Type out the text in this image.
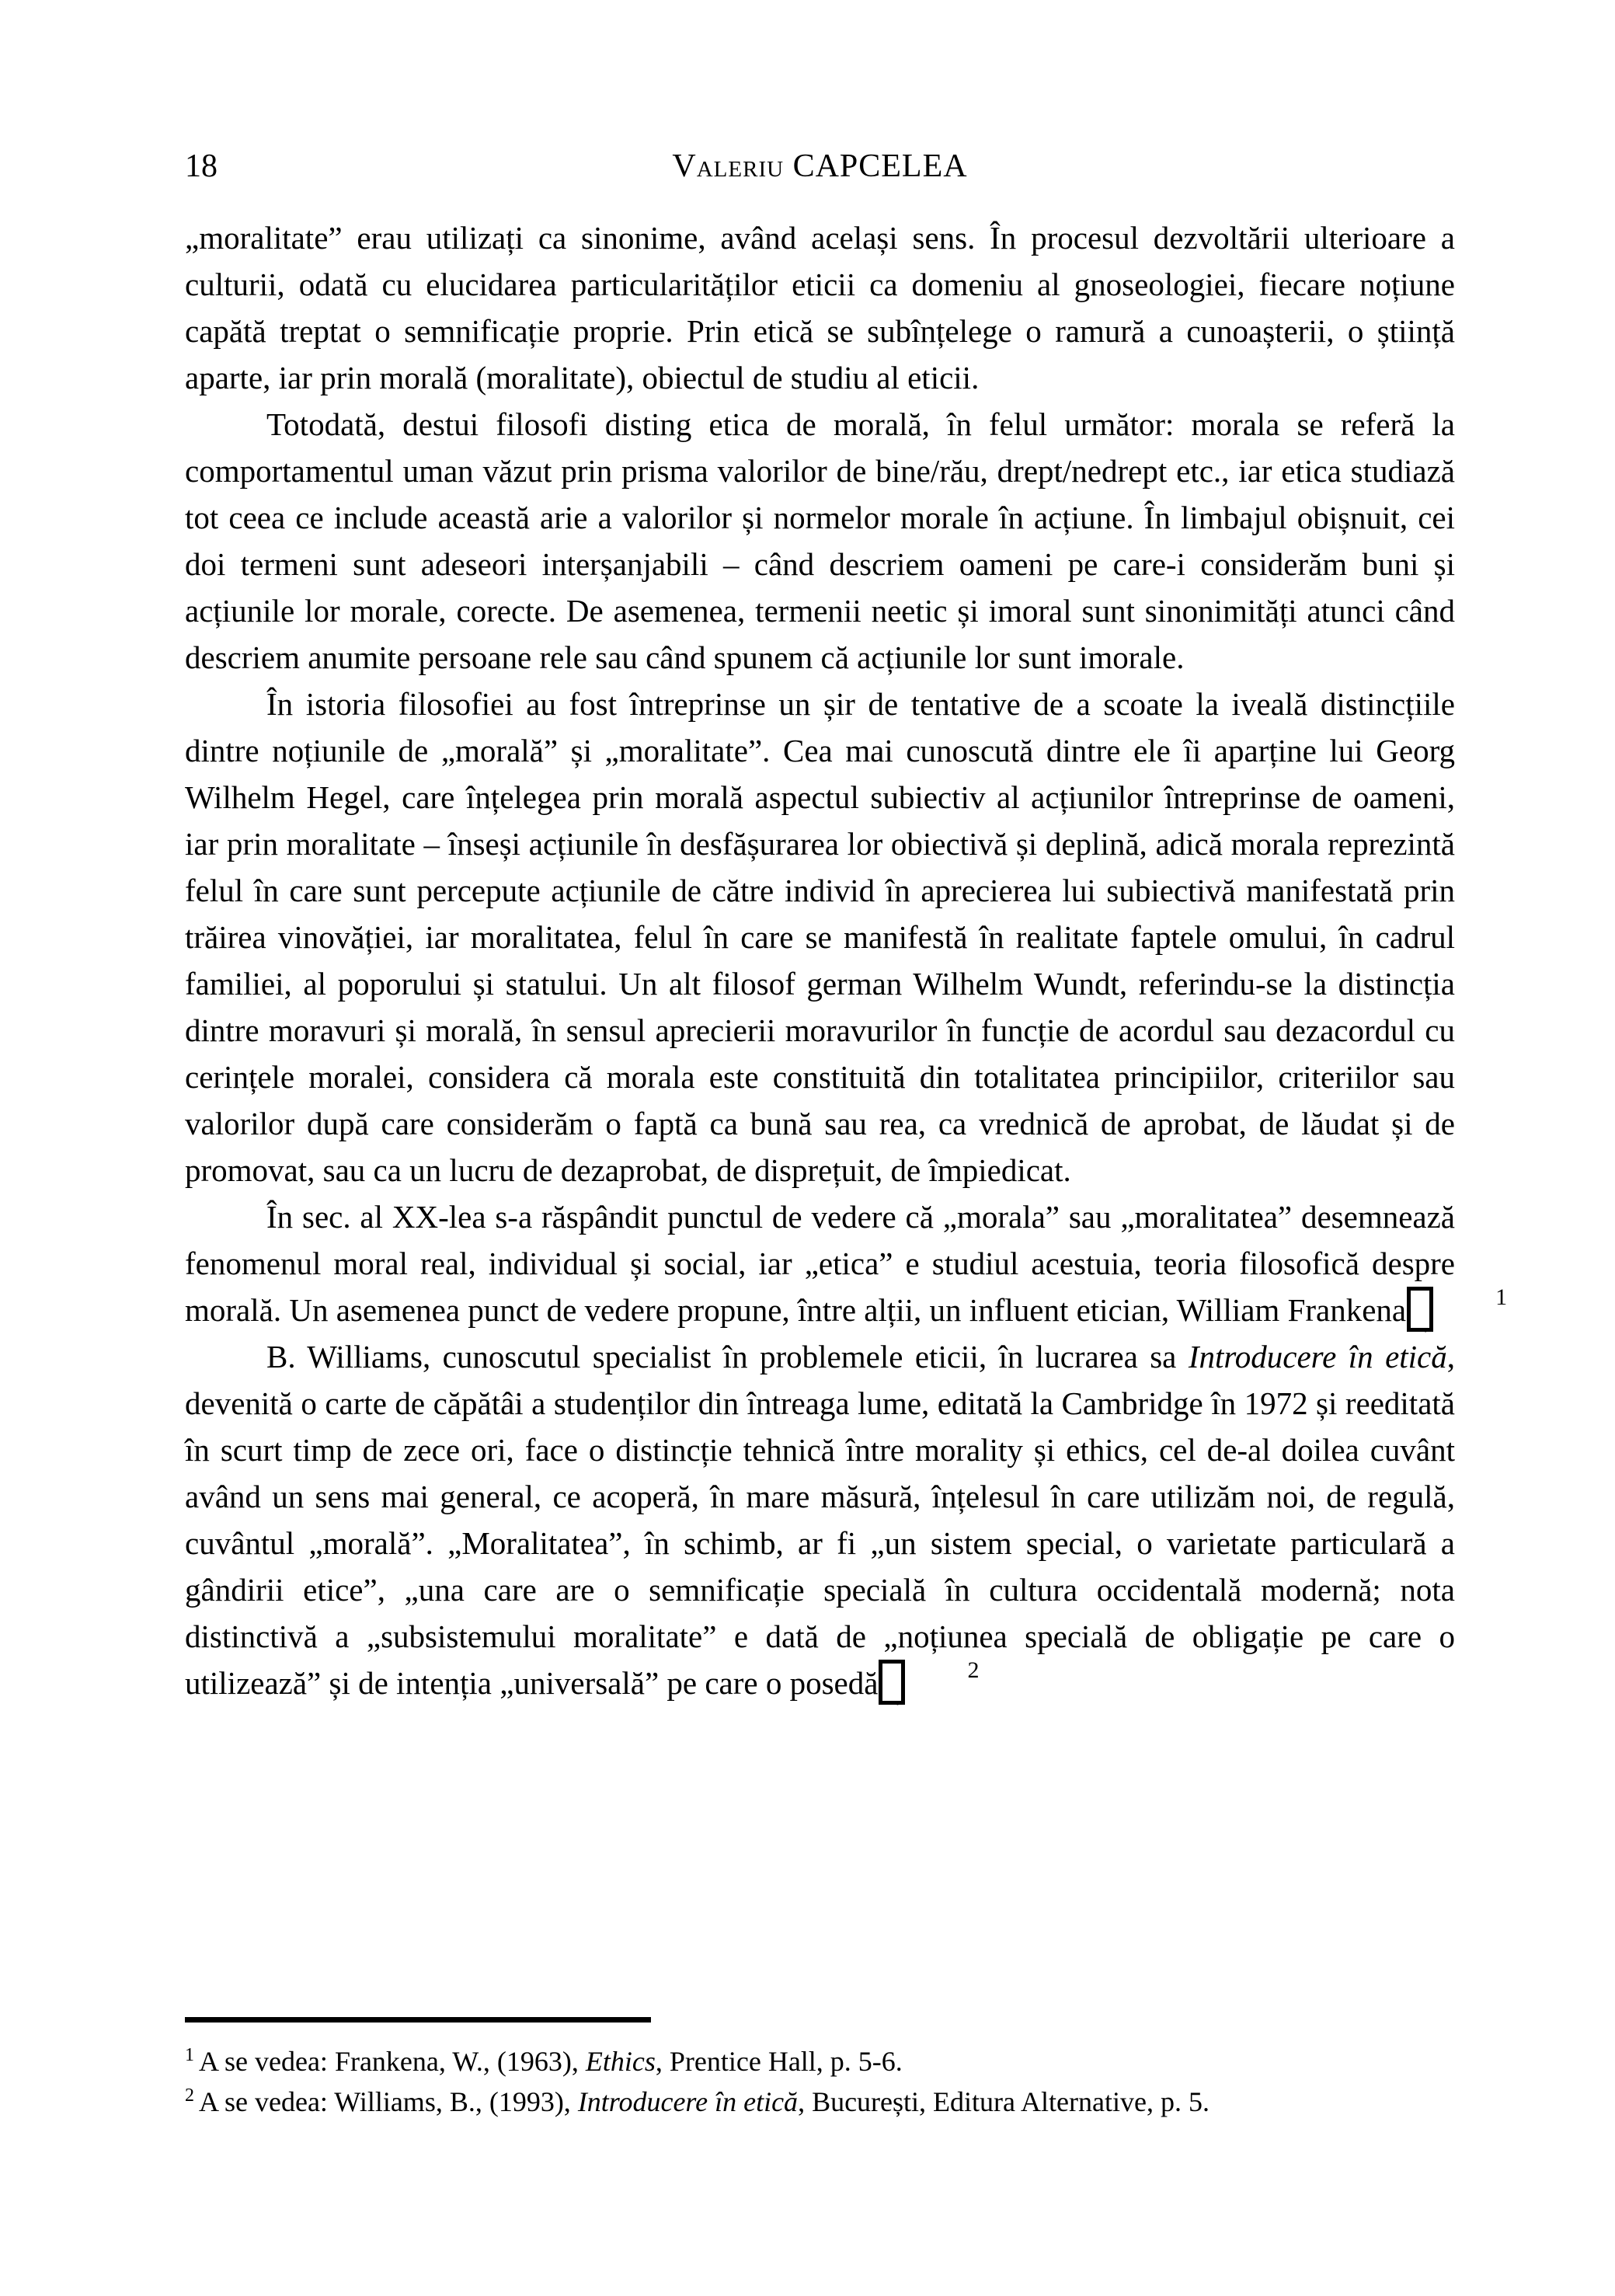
18	Valeriu CAPCELEA

„moralitate” erau utilizați ca sinonime, având același sens. În procesul dezvoltării ulterioare a culturii, odată cu elucidarea particularităților eticii ca domeniu al gnoseologiei, fiecare noțiune capătă treptat o semnificație proprie. Prin etică se subînțelege o ramură a cunoașterii, o știință aparte, iar prin morală (moralitate), obiectul de studiu al eticii.

Totodată, destui filosofi disting etica de morală, în felul următor: morala se referă la comportamentul uman văzut prin prisma valorilor de bine/rău, drept/nedrept etc., iar etica studiază tot ceea ce include această arie a valorilor și normelor morale în acțiune. În limbajul obișnuit, cei doi termeni sunt adeseori interșanjabili – când descriem oameni pe care-i considerăm buni și acțiunile lor morale, corecte. De asemenea, termenii neetic și imoral sunt sinonimități atunci când descriem anumite persoane rele sau când spunem că acțiunile lor sunt imorale.

În istoria filosofiei au fost întreprinse un șir de tentative de a scoate la iveală distincțiile dintre noțiunile de „morală” și „moralitate”. Cea mai cunoscută dintre ele îi aparține lui Georg Wilhelm Hegel, care înțelegea prin morală aspectul subiectiv al acțiunilor întreprinse de oameni, iar prin moralitate – înseși acțiunile în desfășurarea lor obiectivă și deplină, adică morala reprezintă felul în care sunt percepute acțiunile de către individ în aprecierea lui subiectivă manifestată prin trăirea vinovăției, iar moralitatea, felul în care se manifestă în realitate faptele omului, în cadrul familiei, al poporului și statului. Un alt filosof german Wilhelm Wundt, referindu-se la distincția dintre moravuri și morală, în sensul aprecierii moravurilor în funcție de acordul sau dezacordul cu cerințele moralei, considera că morala este constituită din totalitatea principiilor, criteriilor sau valorilor după care considerăm o faptă ca bună sau rea, ca vrednică de aprobat, de lăudat și de promovat, sau ca un lucru de dezaprobat, de disprețuit, de împiedicat.

În sec. al XX-lea s-a răspândit punctul de vedere că „morala” sau „moralitatea” desemnează fenomenul moral real, individual și social, iar „etica” e studiul acestuia, teoria filosofică despre morală. Un asemenea punct de vedere propune, între alții, un influent etician, William Frankena	1
.

B. Williams, cunoscutul specialist în problemele eticii, în lucrarea sa Introducere în etică, devenită o carte de căpătâi a studenților din întreaga lume, editată la Cambridge în 1972 și reeditată în scurt timp de zece ori, face o distincție tehnică între morality și ethics, cel de-al doilea cuvânt având un sens mai general, ce acoperă, în mare măsură, înțelesul în care utilizăm noi, de regulă, cuvântul „morală”. „Moralitatea”, în schimb, ar fi „un sistem special, o varietate particulară a gândirii etice”, „una care are o semnificație specială în cultura occidentală modernă; nota distinctivă a „subsistemului moralitate” e dată de „noțiunea specială de obligație pe care o utilizează” și de intenția „universală” pe care o posedă	2
.

$^1$ A se vedea: Frankena, W., (1963), Ethics, Prentice Hall, p. 5-6.

$^2$ A se vedea: Williams, B., (1993), Introducere în etică, București, Editura Alternative, p. 5.
